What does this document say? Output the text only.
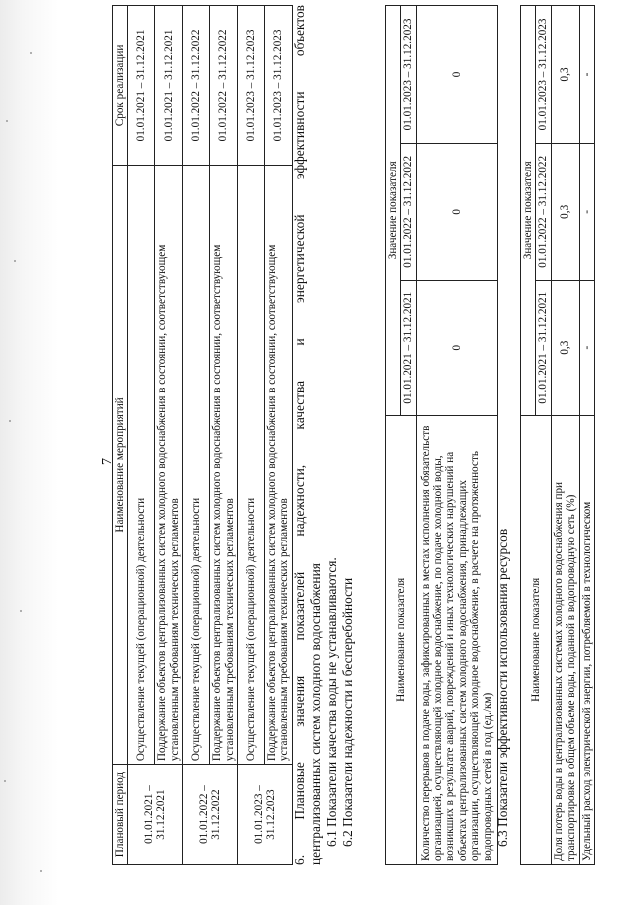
7
Плановый период	Наименование мероприятий	Срок реализации
01.01.2021 – 31.12.2021	Осуществление текущей (операционной) деятельности	01.01.2021 – 31.12.2021
	Поддержание объектов централизованных систем холодного водоснабжения в состоянии, соответствующем установленным требованиям технических регламентов	01.01.2021 – 31.12.2021
01.01.2022 – 31.12.2022	Осуществление текущей (операционной) деятельности	01.01.2022 – 31.12.2022
	Поддержание объектов централизованных систем холодного водоснабжения в состоянии, соответствующем установленным требованиям технических регламентов	01.01.2022 – 31.12.2022
01.01.2023 – 31.12.2023	Осуществление текущей (операционной) деятельности	01.01.2023 – 31.12.2023
	Поддержание объектов централизованных систем холодного водоснабжения в состоянии, соответствующем установленным требованиям технических регламентов	01.01.2023 – 31.12.2023 6. Плановые значения показателей надежности, качества и энергетической эффективности объектов централизованных систем холодного водоснабжения 6.1 Показатели качества воды не устанавливаются. 6.2 Показатели надежности и бесперебойности	Наименование показателя	Значение показателя		
	01.01.2021 – 31.12.2021	01.01.2022 – 31.12.2022	01.01.2023 – 31.12.2023
Количество перерывов в подаче воды, зафиксированных в местах исполнения обязательств организацией, осуществляющей холодное водоснабжение, по подаче холодной воды, возникших в результате аварий, повреждений и иных технологических нарушений на объектах централизованных систем холодного водоснабжения, принадлежащих организации, осуществляющей холодное водоснабжение, в расчете на протяженность водопроводных сетей в год (ед./км)	0	0	0
6.3 Показатели эффективности использования ресурсов Наименование показателя	Значение показателя		
	01.01.2021 – 31.12.2021	01.01.2022 – 31.12.2022	01.01.2023 – 31.12.2023
Доля потерь воды в централизованных системах холодного водоснабжения при транспортировке в общем объеме воды, поданной в водопроводную сеть (%)	0,3	0,3	0,3
Удельный расход электрической энергии, потребляемой в технологическом	-	-	-
